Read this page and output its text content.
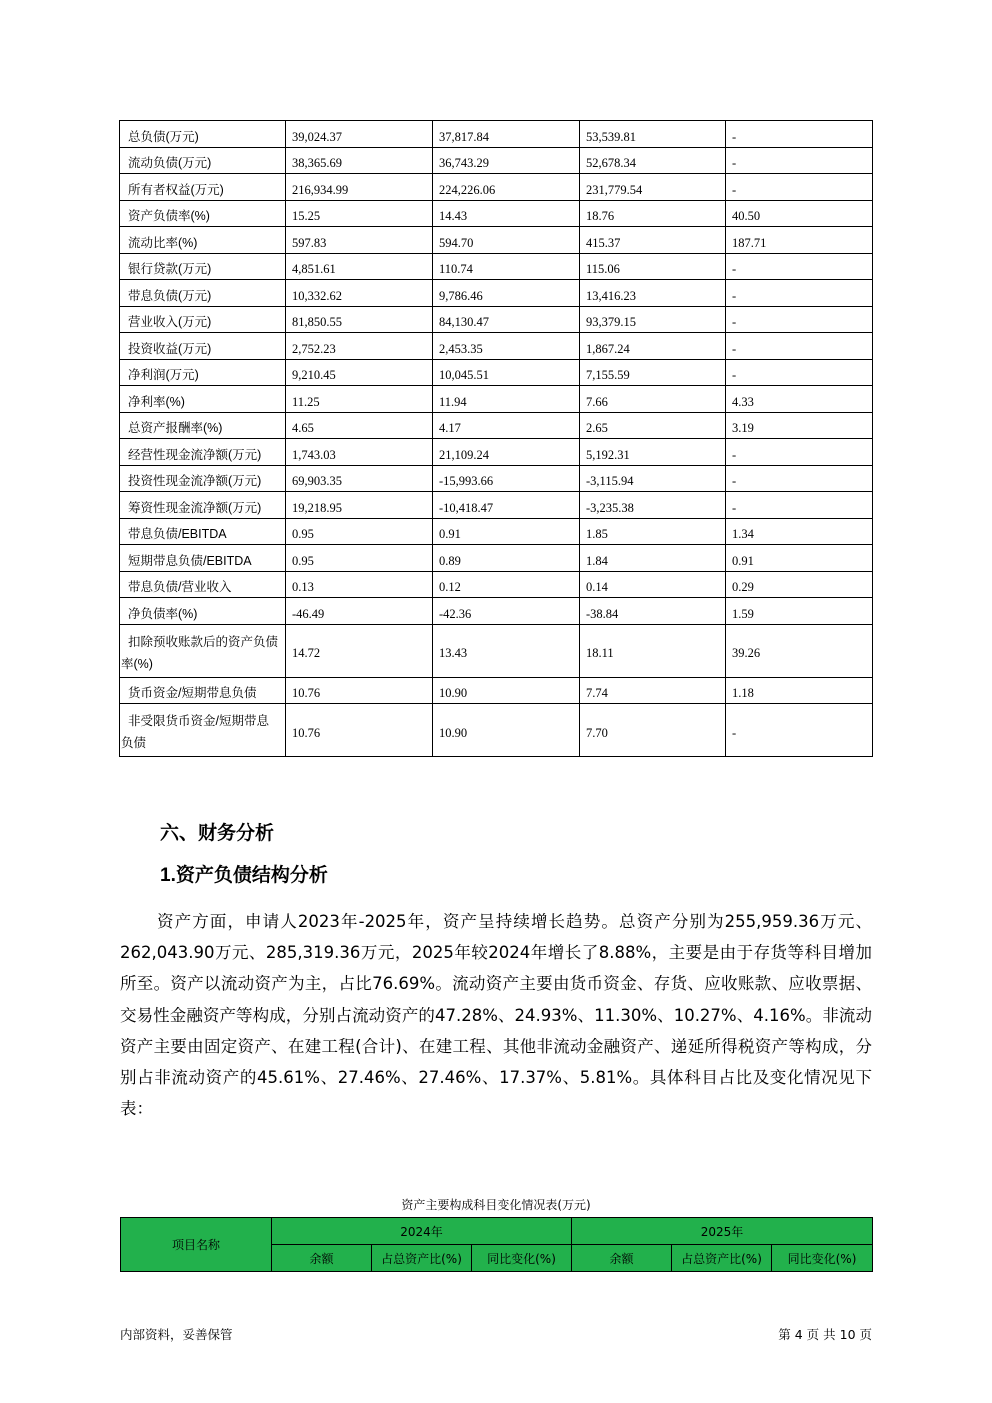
总负债(万元)	39,024.37	37,817.84	53,539.81	-
流动负债(万元)	38,365.69	36,743.29	52,678.34	-
所有者权益(万元)	216,934.99	224,226.06	231,779.54	-
资产负债率(%)	15.25	14.43	18.76	40.50
流动比率(%)	597.83	594.70	415.37	187.71
银行贷款(万元)	4,851.61	110.74	115.06	-
带息负债(万元)	10,332.62	9,786.46	13,416.23	-
营业收入(万元)	81,850.55	84,130.47	93,379.15	-
投资收益(万元)	2,752.23	2,453.35	1,867.24	-
净利润(万元)	9,210.45	10,045.51	7,155.59	-
净利率(%)	11.25	11.94	7.66	4.33
总资产报酬率(%)	4.65	4.17	2.65	3.19
经营性现金流净额(万元)	1,743.03	21,109.24	5,192.31	-
投资性现金流净额(万元)	69,903.35	-15,993.66	-3,115.94	-
筹资性现金流净额(万元)	19,218.95	-10,418.47	-3,235.38	-
带息负债/EBITDA	0.95	0.91	1.85	1.34
短期带息负债/EBITDA	0.95	0.89	1.84	0.91
带息负债/营业收入	0.13	0.12	0.14	0.29
净负债率(%)	-46.49	-42.36	-38.84	1.59
扣除预收账款后的资产负债率(%)	14.72	13.43	18.11	39.26
货币资金/短期带息负债	10.76	10.90	7.74	1.18
非受限货币资金/短期带息负债	10.76	10.90	7.70	-
六、财务分析
1.资产负债结构分析
资产方面，申请人2023年-2025年，资产呈持续增长趋势。总资产分别为255,959.36万元、262,043.90万元、285,319.36万元，2025年较2024年增长了8.88%，主要是由于存货等科目增加所至。资产以流动资产为主，占比76.69%。流动资产主要由货币资金、存货、应收账款、应收票据、交易性金融资产等构成，分别占流动资产的47.28%、24.93%、11.30%、10.27%、4.16%。非流动资产主要由固定资产、在建工程(合计)、在建工程、其他非流动金融资产、递延所得税资产等构成，分别占非流动资产的45.61%、27.46%、27.46%、17.37%、5.81%。具体科目占比及变化情况见下表：
资产主要构成科目变化情况表(万元)
项目名称	2024年			2025年		
	余额	占总资产比(%)	同比变化(%)	余额	占总资产比(%)	同比变化(%)
内部资料，妥善保管	第 4 页 共 10 页
